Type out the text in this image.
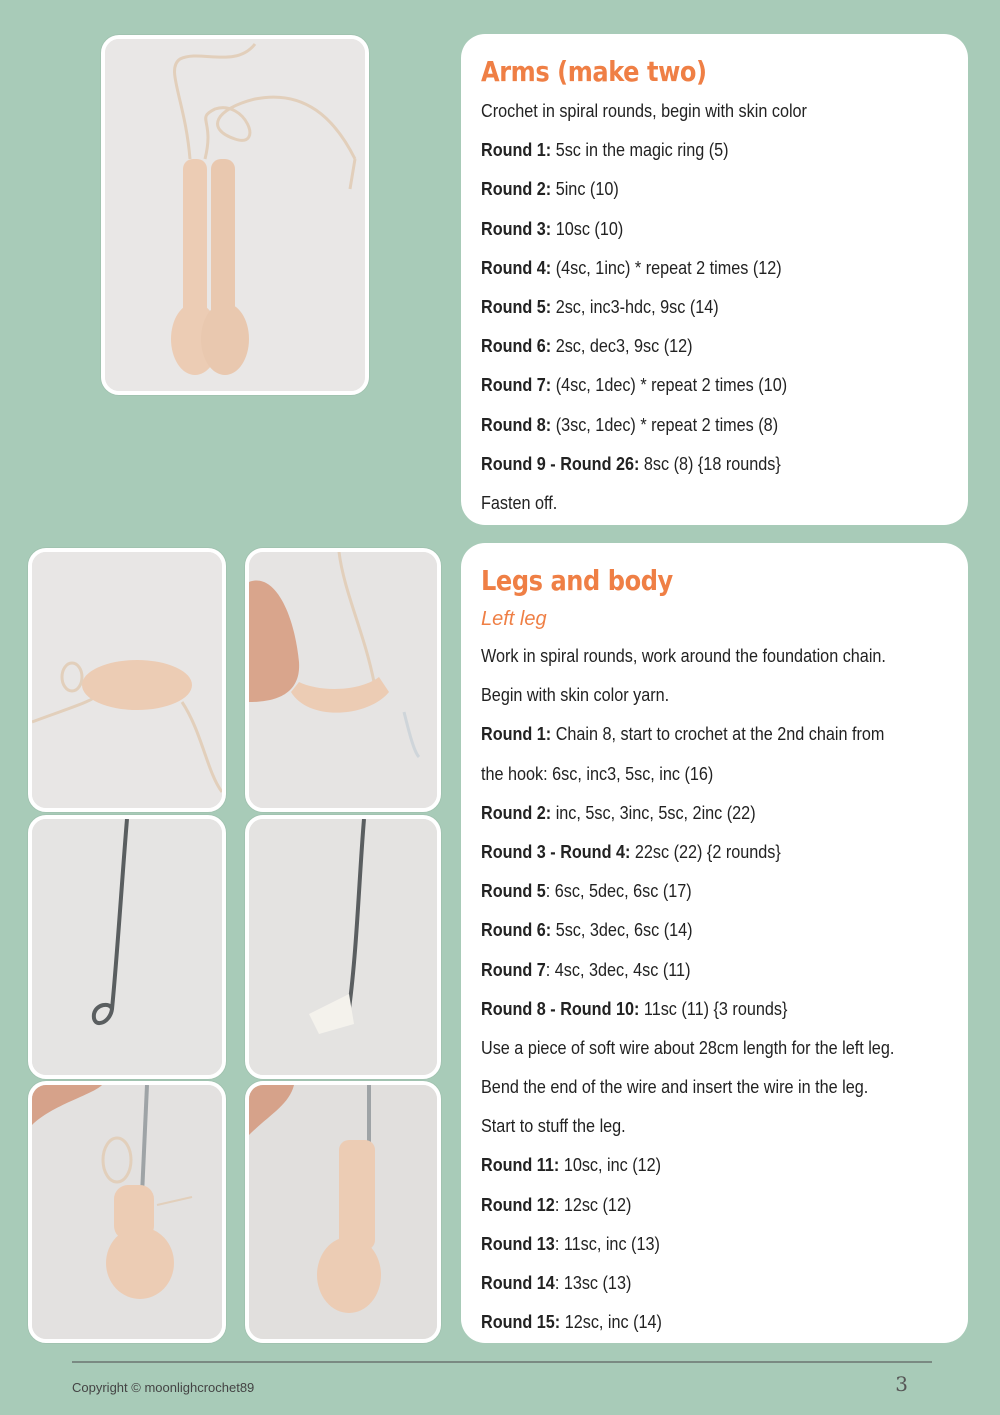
Arms (make two)
Crochet in spiral rounds, begin with skin color
Round 1: 5sc in the magic ring (5)
Round 2: 5inc (10)
Round 3: 10sc (10)
Round 4: (4sc, 1inc) * repeat 2 times (12)
Round 5: 2sc, inc3-hdc, 9sc (14)
Round 6: 2sc, dec3, 9sc (12)
Round 7: (4sc, 1dec) * repeat 2 times (10)
Round 8: (3sc, 1dec) * repeat 2 times (8)
Round 9 - Round 26: 8sc (8) {18 rounds}
Fasten off.
Legs and body
Left leg
Work in spiral rounds, work around the foundation chain.
Begin with skin color yarn.
Round 1: Chain 8, start to crochet at the 2nd chain from
the hook: 6sc, inc3, 5sc, inc (16)
Round 2: inc, 5sc, 3inc, 5sc, 2inc (22)
Round 3 - Round 4: 22sc (22) {2 rounds}
Round 5: 6sc, 5dec, 6sc (17)
Round 6: 5sc, 3dec, 6sc (14)
Round 7: 4sc, 3dec, 4sc (11)
Round 8 - Round 10: 11sc (11) {3 rounds}
Use a piece of soft wire about 28cm length for the left leg.
Bend the end of the wire and insert the wire in the leg.
Start to stuff the leg.
Round 11: 10sc, inc (12)
Round 12: 12sc (12)
Round 13: 11sc, inc (13)
Round 14: 13sc (13)
Round 15: 12sc, inc (14)
Copyright © moonlighcrochet89	3
